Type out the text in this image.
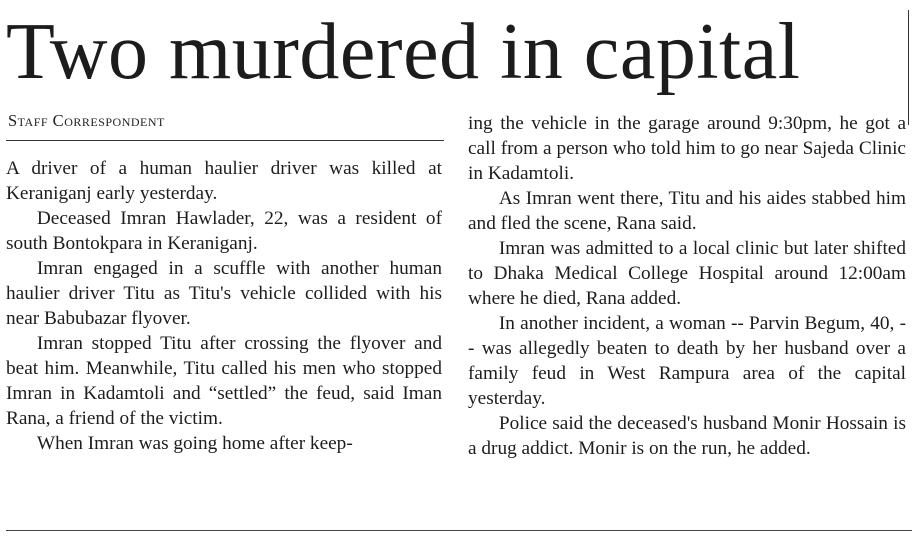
Two murdered in capital
Staff Correspondent

A driver of a human haulier driver was killed at Keraniganj early yesterday.

Deceased Imran Hawlader, 22, was a resident of south Bontokpara in Keraniganj.

Imran engaged in a scuffle with another human haulier driver Titu as Titu's vehicle collided with his near Babubazar flyover.

Imran stopped Titu after crossing the flyover and beat him. Meanwhile, Titu called his men who stopped Imran in Kadamtoli and “settled” the feud, said Iman Rana, a friend of the victim.

When Imran was going home after keep-

ing the vehicle in the garage around 9:30pm, he got a call from a person who told him to go near Sajeda Clinic in Kadamtoli.

As Imran went there, Titu and his aides stabbed him and fled the scene, Rana said.

Imran was admitted to a local clinic but later shifted to Dhaka Medical College Hospital around 12:00am where he died, Rana added.

In another incident, a woman -- Parvin Begum, 40, -- was allegedly beaten to death by her husband over a family feud in West Rampura area of the capital yesterday.

Police said the deceased's husband Monir Hossain is a drug addict. Monir is on the run, he added.
